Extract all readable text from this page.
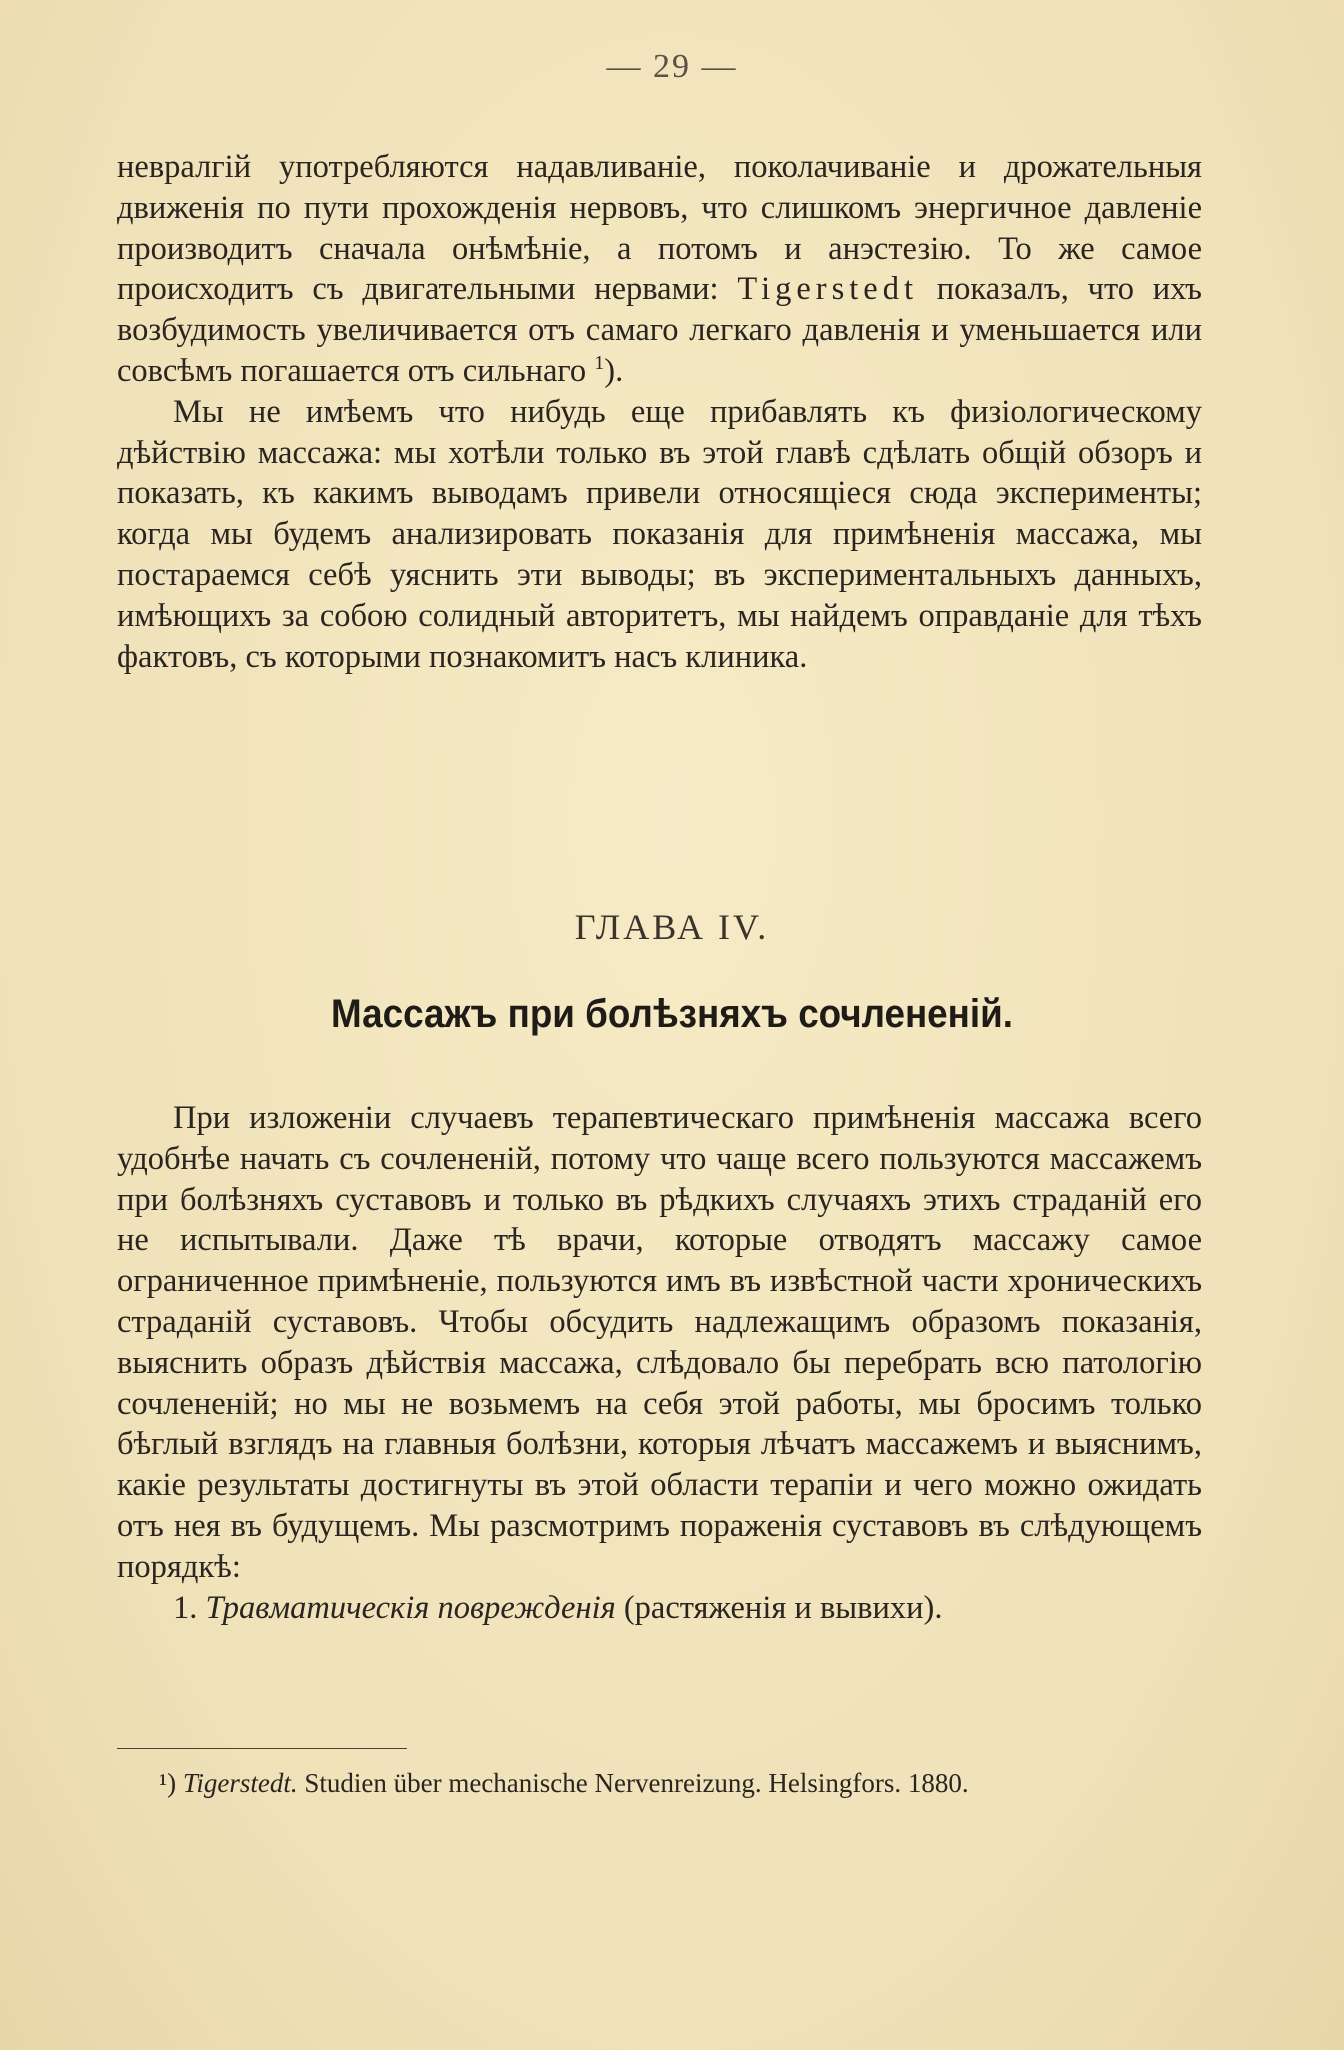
— 29 —

невралгій употребляются надавливаніе, поколачиваніе и дрожательныя движенія по пути прохожденія нервовъ, что слишкомъ энергичное давленіе производитъ сначала онѣмѣніе, а потомъ и анэстезію. То же самое происходитъ съ двигательными нервами: Tigerstedt показалъ, что ихъ возбудимость увеличивается отъ самаго легкаго давленія и уменьшается или совсѣмъ погашается отъ сильнаго $^1$).

Мы не имѣемъ что нибудь еще прибавлять къ физіологическому дѣйствію массажа: мы хотѣли только въ этой главѣ сдѣлать общій обзоръ и показать, къ какимъ выводамъ привели относящіеся сюда эксперименты; когда мы будемъ анализировать показанія для примѣненія массажа, мы постараемся себѣ уяснить эти выводы; въ экспериментальныхъ данныхъ, имѣющихъ за собою солидный авторитетъ, мы найдемъ оправданіе для тѣхъ фактовъ, съ которыми познакомитъ насъ клиника.

ГЛАВА IV.
Массажъ при болѣзняхъ сочлененій.

При изложеніи случаевъ терапевтическаго примѣненія массажа всего удобнѣе начать съ сочлененій, потому что чаще всего пользуются массажемъ при болѣзняхъ суставовъ и только въ рѣдкихъ случаяхъ этихъ страданій его не испытывали. Даже тѣ врачи, которые отводятъ массажу самое ограниченное примѣненіе, пользуются имъ въ извѣстной части хроническихъ страданій суставовъ. Чтобы обсудить надлежащимъ образомъ показанія, выяснить образъ дѣйствія массажа, слѣдовало бы перебрать всю патологію сочлененій; но мы не возьмемъ на себя этой работы, мы бросимъ только бѣглый взглядъ на главныя болѣзни, которыя лѣчатъ массажемъ и выяснимъ, какіе результаты достигнуты въ этой области терапіи и чего можно ожидать отъ нея въ будущемъ. Мы разсмотримъ пораженія суставовъ въ слѣдующемъ порядкѣ:

1. Травматическія поврежденія (растяженія и вывихи).

¹) Tigerstedt. Studien über mechanische Nervenreizung. Helsingfors. 1880.
